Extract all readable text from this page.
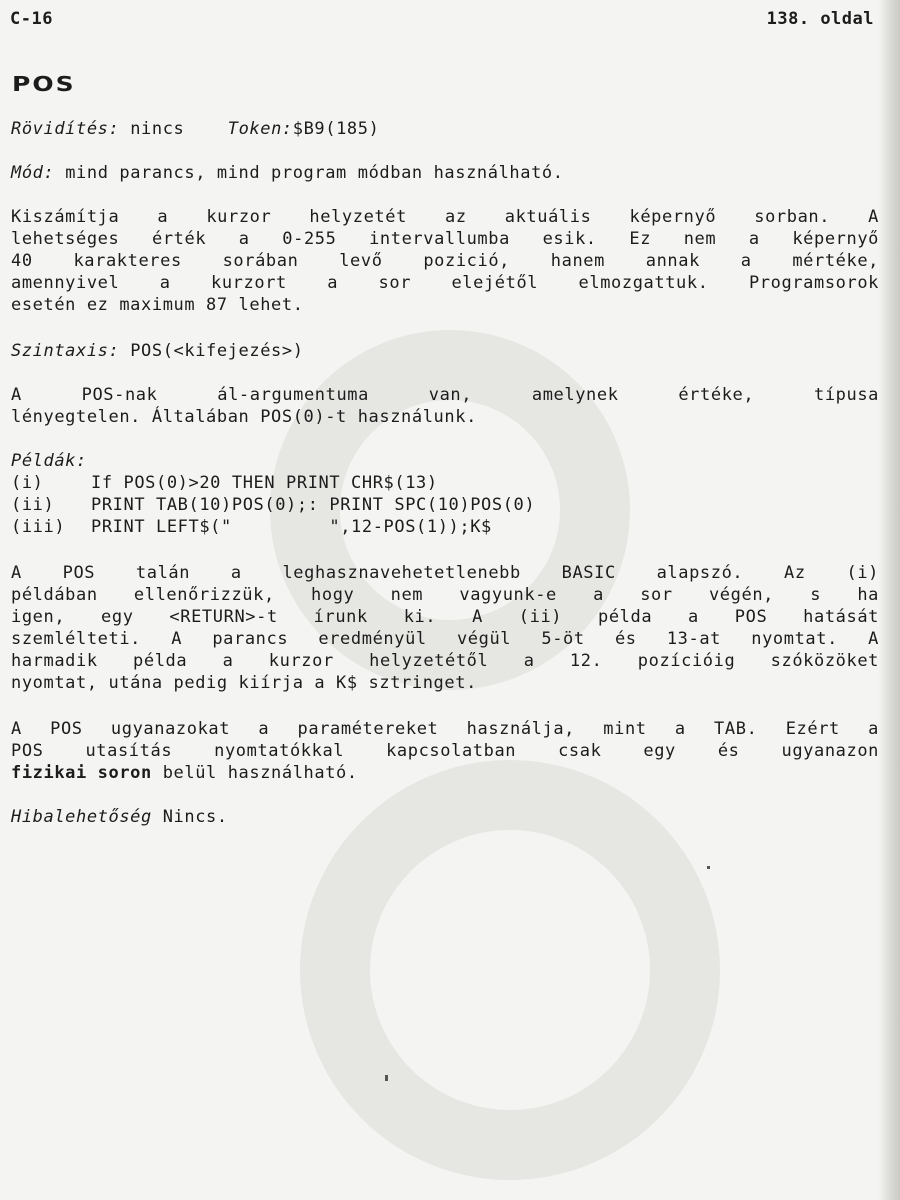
C-16	138. oldal
POS
Rövidítés: nincs	Token:$B9(185)
Mód: mind parancs, mind program módban használható.
Kiszámítja a kurzor helyzetét az aktuális képernyő sorban. A
lehetséges érték a 0-255 intervallumba esik. Ez nem a képernyő
40 karakteres sorában levő pozició, hanem annak a mértéke,
amennyivel a kurzort a sor elejétől elmozgattuk. Programsorok
esetén ez maximum 87 lehet.
Szintaxis: POS(<kifejezés>)
A POS-nak ál-argumentuma van, amelynek értéke, típusa
lényegtelen. Általában POS(0)-t használunk.
Példák:
(i)	If POS(0)>20 THEN PRINT CHR$(13)
(ii) PRINT TAB(10)POS(0);: PRINT SPC(10)POS(0)
(iii) PRINT LEFT$("         ",12-POS(1));K$
A POS talán a leghasznavehetetlenebb BASIC alapszó. Az (i)
példában ellenőrizzük, hogy nem vagyunk-e a sor végén, s ha
igen, egy <RETURN>-t írunk ki. A (ii) példa a POS hatását
szemlélteti. A parancs eredményül végül 5-öt és 13-at nyomtat. A
harmadik példa a kurzor helyzetétől a 12. pozícióig szóközöket
nyomtat, utána pedig kiírja a K$ sztringet.
A POS ugyanazokat a paramétereket használja, mint a TAB. Ezért a
POS utasítás nyomtatókkal kapcsolatban csak egy és ugyanazon
fizikai soron belül használható.
Hibalehetőség Nincs.
